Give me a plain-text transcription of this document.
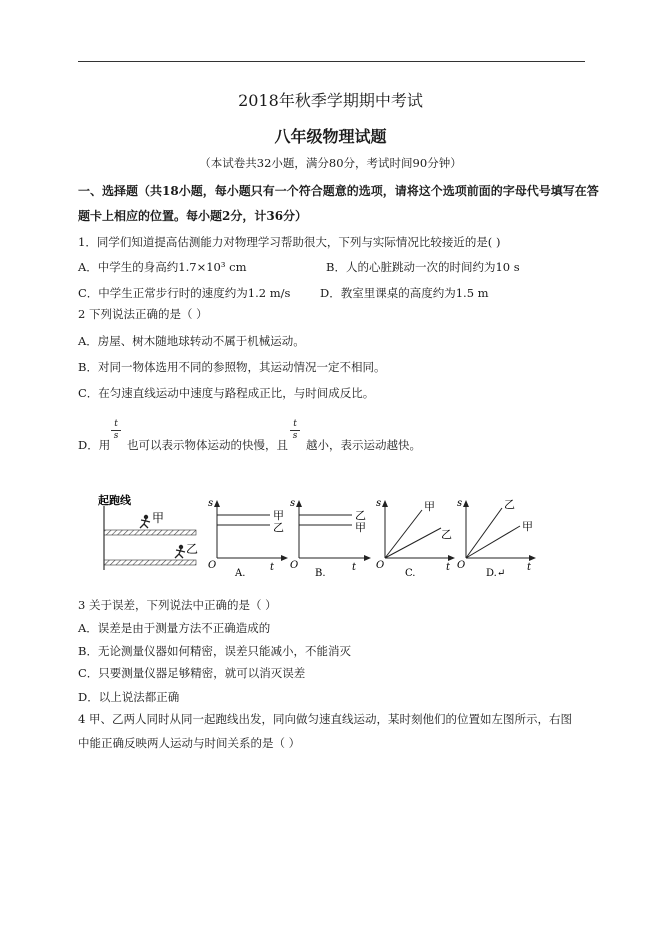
2018年秋季学期期中考试
八年级物理试题
（本试卷共32小题，满分80分，考试时间90分钟）
一、选择题（共18小题，每小题只有一个符合题意的选项，请将这个选项前面的字母代号填写在答
题卡上相应的位置。每小题2分，计36分）
1．同学们知道提高估测能力对物理学习帮助很大，下列与实际情况比较接近的是( )
A．中学生的身高约1.7×10³ cm	B．人的心脏跳动一次的时间约为10 s
C．中学生正常步行时的速度约为1.2 m/s	D．教室里课桌的高度约为1.5 m
2 下列说法正确的是（ ）
A．房屋、树木随地球转动不属于机械运动。
B．对同一物体选用不同的参照物，其运动情况一定不相同。
C．在匀速直线运动中速度与路程成正比，与时间成反比。
D．用
$\frac{t}{s}$
也可以表示物体运动的快慢，且
$\frac{t}{s}$
越小，表示运动越快。
起跑线
甲
乙
s
甲
乙
O	t
A.
s
乙
甲
O	t
B.
s	甲
乙
O	t
C.
s	乙
甲
O	t
D.↵
3 关于误差，下列说法中正确的是（ ）
A．误差是由于测量方法不正确造成的
B．无论测量仪器如何精密，误差只能减小，不能消灭
C．只要测量仪器足够精密，就可以消灭误差
D．以上说法都正确
4 甲、乙两人同时从同一起跑线出发，同向做匀速直线运动，某时刻他们的位置如左图所示，右图
中能正确反映两人运动与时间关系的是（ ）
